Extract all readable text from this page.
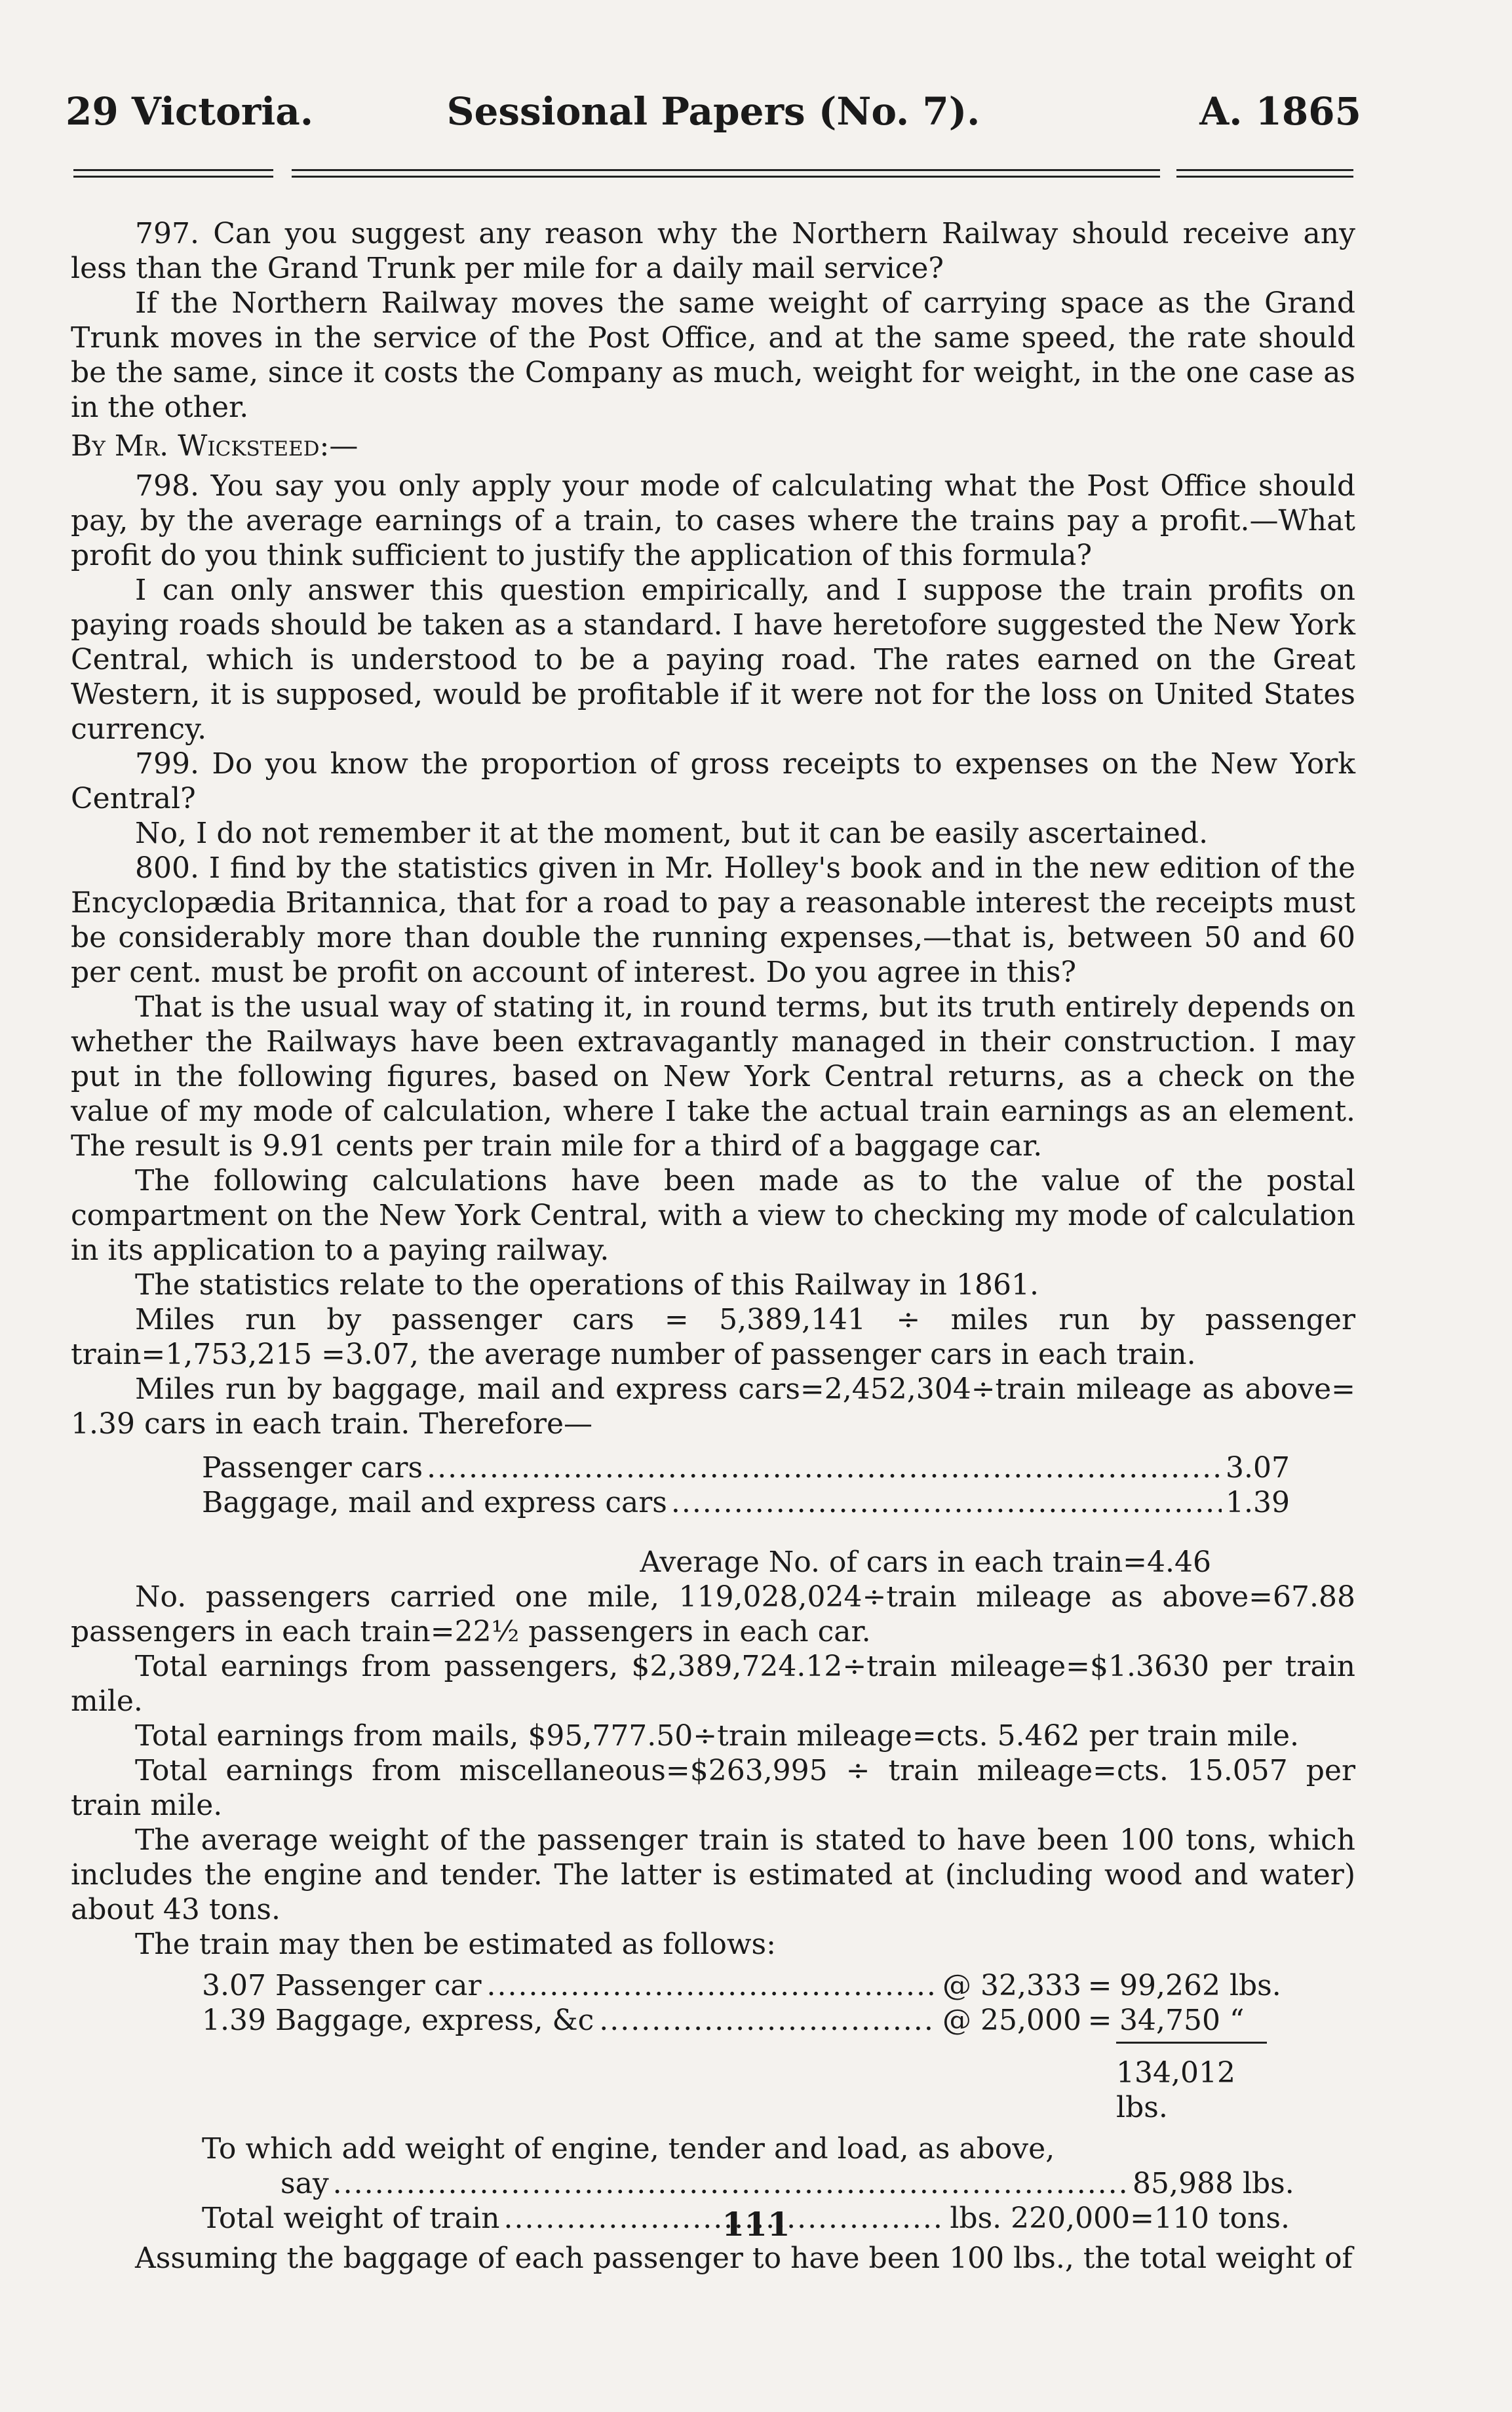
29 Victoria.	Sessional Papers (No. 7).	A. 1865

797. Can you suggest any reason why the Northern Railway should receive any less than the Grand Trunk per mile for a daily mail service?

If the Northern Railway moves the same weight of carrying space as the Grand Trunk moves in the service of the Post Office, and at the same speed, the rate should be the same, since it costs the Company as much, weight for weight, in the one case as in the other.

By Mr. Wicksteed:—

798. You say you only apply your mode of calculating what the Post Office should pay, by the average earnings of a train, to cases where the trains pay a profit.—What profit do you think sufficient to justify the application of this formula?

I can only answer this question empirically, and I suppose the train profits on paying roads should be taken as a standard. I have heretofore suggested the New York Central, which is understood to be a paying road. The rates earned on the Great Western, it is supposed, would be profitable if it were not for the loss on United States currency.

799. Do you know the proportion of gross receipts to expenses on the New York Central?

No, I do not remember it at the moment, but it can be easily ascertained.

800. I find by the statistics given in Mr. Holley's book and in the new edition of the Encyclopædia Britannica, that for a road to pay a reasonable interest the receipts must be considerably more than double the running expenses,—that is, between 50 and 60 per cent. must be profit on account of interest. Do you agree in this?

That is the usual way of stating it, in round terms, but its truth entirely depends on whether the Railways have been extravagantly managed in their construction. I may put in the following figures, based on New York Central returns, as a check on the value of my mode of calculation, where I take the actual train earnings as an element. The result is 9.91 cents per train mile for a third of a baggage car.

The following calculations have been made as to the value of the postal compartment on the New York Central, with a view to checking my mode of calculation in its application to a paying railway.

The statistics relate to the operations of this Railway in 1861.

Miles run by passenger cars = 5,389,141 ÷ miles run by passenger train=1,753,215 =3.07, the average number of passenger cars in each train.

Miles run by baggage, mail and express cars=2,452,304÷train mileage as above= 1.39 cars in each train. Therefore—

Passenger cars .....	3.07
Baggage, mail and express cars .....	1.39

Average No. of cars in each train=4.46

No. passengers carried one mile, 119,028,024÷train mileage as above=67.88 passengers in each train=22½ passengers in each car.

Total earnings from passengers, $2,389,724.12÷train mileage=$1.3630 per train mile.

Total earnings from mails, $95,777.50÷train mileage=cts. 5.462 per train mile.

Total earnings from miscellaneous=$263,995 ÷ train mileage=cts. 15.057 per train mile.

The average weight of the passenger train is stated to have been 100 tons, which includes the engine and tender. The latter is estimated at (including wood and water) about 43 tons.

The train may then be estimated as follows:

3.07 Passenger car .....	@ 32,333 = 99,262 lbs.
1.39 Baggage, express, &c .....	@ 25,000 = 34,750 “
134,012 lbs.
To which add weight of engine, tender and load, as above,
say .....	85,988 lbs.
Total weight of train .....	lbs. 220,000=110 tons.

Assuming the baggage of each passenger to have been 100 lbs., the total weight of

111
